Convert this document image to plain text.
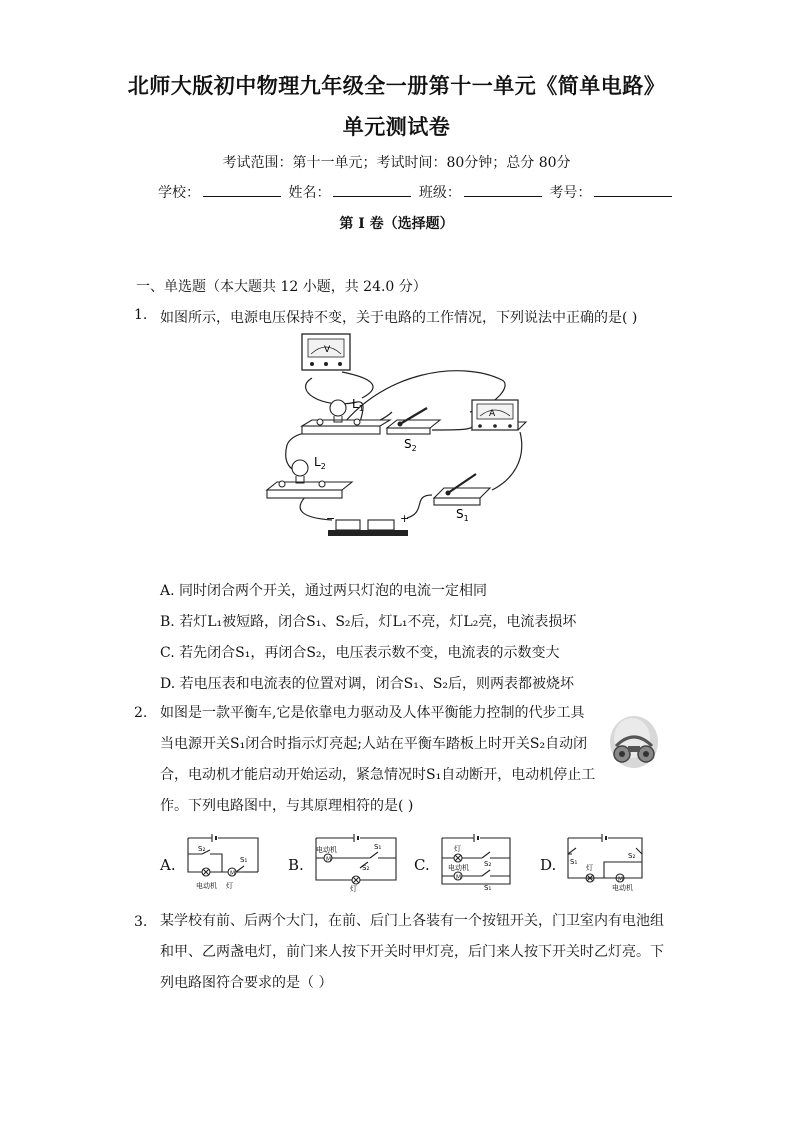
北师大版初中物理九年级全一册第十一单元《简单电路》
单元测试卷
考试范围：第十一单元；考试时间：80分钟；总分 80分
学校：	姓名：	班级：	考号：
第 I 卷（选择题）
一、单选题（本大题共 12 小题，共 24.0 分）
1. 如图所示，电源电压保持不变，关于电路的工作情况，下列说法中正确的是( )
V
$L_1$
$S_2$
A
$L_2$
$S_1$
−	+
A. 同时闭合两个开关，通过两只灯泡的电流一定相同
B. 若灯L₁被短路，闭合S₁、S₂后，灯L₁不亮，灯L₂亮，电流表损坏
C. 若先闭合S₁，再闭合S₂，电压表示数不变，电流表的示数变大
D. 若电压表和电流表的位置对调，闭合S₁、S₂后，则两表都被烧坏
2. 如图是一款平衡车,它是依靠电力驱动及人体平衡能力控制的代步工具
当电源开关S₁闭合时指示灯亮起;人站在平衡车踏板上时开关S₂自动闭
合，电动机才能启动开始运动，紧急情况时S₁自动断开，电动机停止工
作。下列电路图中，与其原理相符的是( )
A.	M
S₂
S₁
电动机 灯
B.	M
电动机	S₁
S₂
灯
C.
M
灯
S₂
电动机
S₁
D.
M
S₁
灯
S₂
电动机
3. 某学校有前、后两个大门，在前、后门上各装有一个按钮开关，门卫室内有电池组
和甲、乙两盏电灯，前门来人按下开关时甲灯亮，后门来人按下开关时乙灯亮。下
列电路图符合要求的是（ ）
